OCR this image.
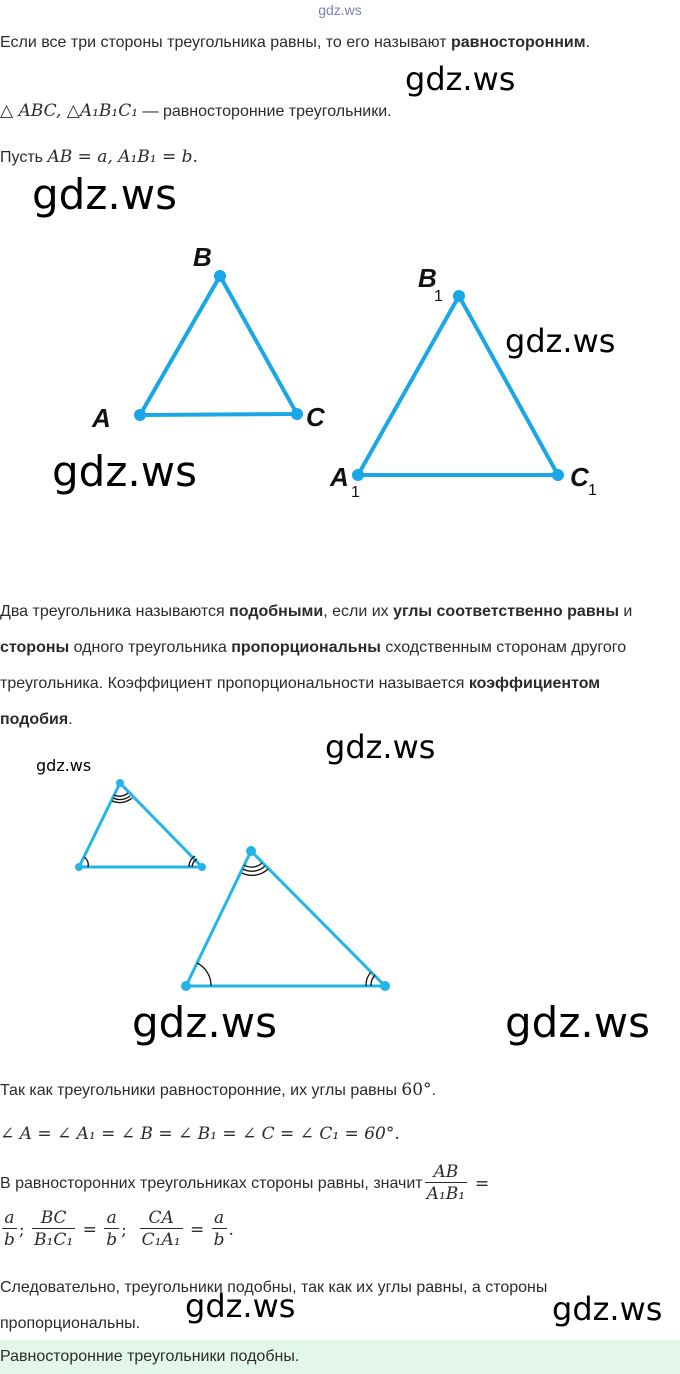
gdz.ws
Если все три стороны треугольника равны, то его называют равносторонним.
gdz.ws
△ ABC, △A₁B₁C₁ — равносторонние треугольники.
Пусть AB = a, A₁B₁ = b.
gdz.ws
A
B
C
A
B
C
1
1
1
gdz.ws
gdz.ws
Два треугольника называются подобными, если их углы соответственно равны и стороны одного треугольника пропорциональны сходственным сторонам другого треугольника. Коэффициент пропорциональности называется коэффициентом подобия.
gdz.ws
gdz.ws
gdz.ws	gdz.ws
Так как треугольники равносторонние, их углы равны 60°.
∠ A = ∠ A₁ = ∠ B = ∠ B₁ = ∠ C = ∠ C₁ = 60°.
В равносторонних треугольниках стороны равны, значит $\frac{AB}{\text{A₁B₁}}$ =
$\frac{a}{b}$ ; $\frac{BC}{\text{B₁C₁}} = \frac{a}{b}$ ; $\frac{CA}{\text{C₁A₁}} = \frac{a}{b}$ .
Следовательно, треугольники подобны, так как их углы равны, а стороны пропорциональны.	gdz.ws	gdz.ws
Равносторонние треугольники подобны.
